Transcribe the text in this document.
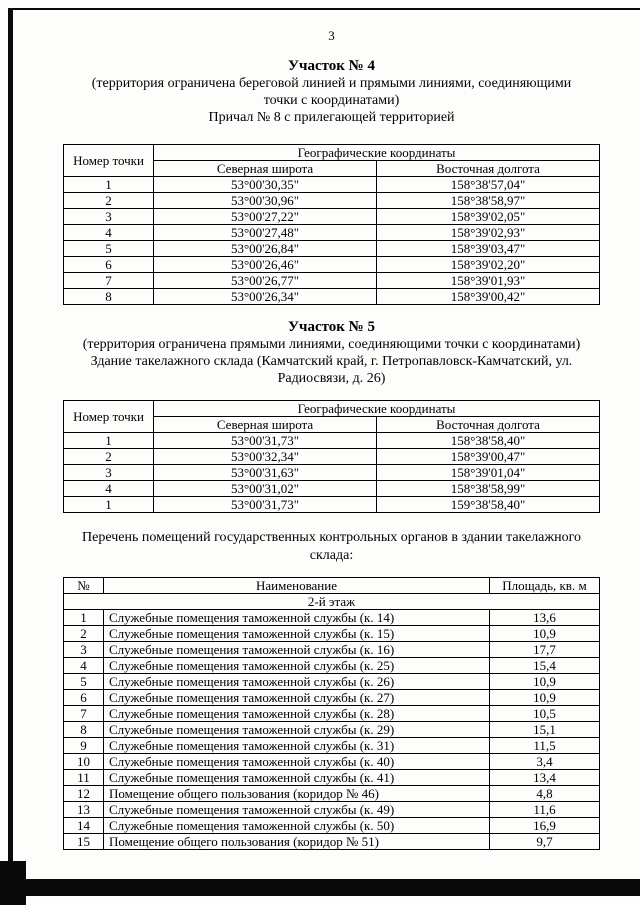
3
Участок № 4

(территория ограничена береговой линией и прямыми линиями, соединяющими точки с координатами)

Причал № 8 с прилегающей территорией

Номер точки	Географические координаты	
	Северная широта	Восточная долгота
1	53°00'30,35"	158°38'57,04"
2	53°00'30,96"	158°38'58,97"
3	53°00'27,22"	158°39'02,05"
4	53°00'27,48"	158°39'02,93"
5	53°00'26,84"	158°39'03,47"
6	53°00'26,46"	158°39'02,20"
7	53°00'26,77"	158°39'01,93"
8	53°00'26,34"	158°39'00,42"
Участок № 5

(территория ограничена прямыми линиями, соединяющими точки с координатами)

Здание такелажного склада (Камчатский край, г. Петропавловск-Камчатский, ул. Радиосвязи, д. 26)

Номер точки	Географические координаты	
	Северная широта	Восточная долгота
1	53°00'31,73"	158°38'58,40"
2	53°00'32,34"	158°39'00,47"
3	53°00'31,63"	158°39'01,04"
4	53°00'31,02"	158°38'58,99"
1	53°00'31,73"	159°38'58,40"

Перечень помещений государственных контрольных органов в здании такелажного склада:

№	Наименование	Площадь, кв. м
2-й этаж		
1	Служебные помещения таможенной службы (к. 14)	13,6
2	Служебные помещения таможенной службы (к. 15)	10,9
3	Служебные помещения таможенной службы (к. 16)	17,7
4	Служебные помещения таможенной службы (к. 25)	15,4
5	Служебные помещения таможенной службы (к. 26)	10,9
6	Служебные помещения таможенной службы (к. 27)	10,9
7	Служебные помещения таможенной службы (к. 28)	10,5
8	Служебные помещения таможенной службы (к. 29)	15,1
9	Служебные помещения таможенной службы (к. 31)	11,5
10	Служебные помещения таможенной службы (к. 40)	3,4
11	Служебные помещения таможенной службы (к. 41)	13,4
12	Помещение общего пользования (коридор № 46)	4,8
13	Служебные помещения таможенной службы (к. 49)	11,6
14	Служебные помещения таможенной службы (к. 50)	16,9
15	Помещение общего пользования (коридор № 51)	9,7
